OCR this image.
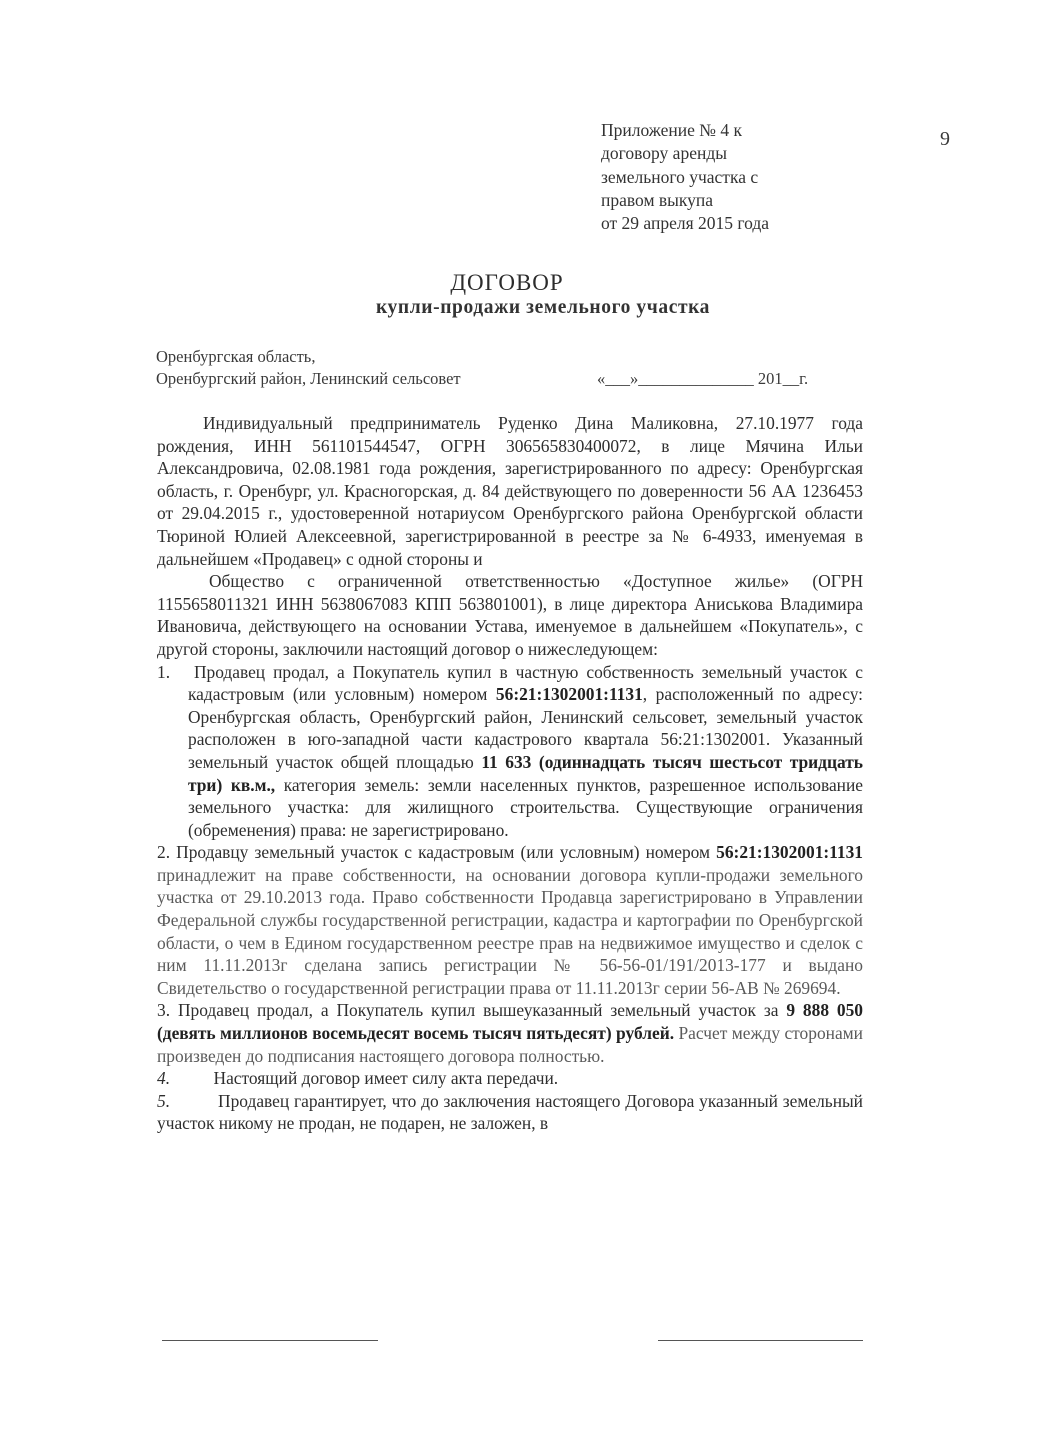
9
Приложение № 4 к
договору аренды
земельного участка с
правом выкупа
от 29 апреля 2015 года
ДОГОВОР
купли-продажи земельного участка
Оренбургская область,
Оренбургский район, Ленинский сельсовет	«___»______________ 201__г.

Индивидуальный предприниматель Руденко Дина Маликовна, 27.10.1977 года рождения, ИНН 561101544547, ОГРН 306565830400072, в лице Мячина Ильи Александровича, 02.08.1981 года рождения, зарегистрированного по адресу: Оренбургская область, г. Оренбург, ул. Красногорская, д. 84 действующего по доверенности 56 АА 1236453 от 29.04.2015 г., удостоверенной нотариусом Оренбургского района Оренбургской области Тюриной Юлией Алексеевной, зарегистрированной в реестре за № 6-4933, именуемая в дальнейшем «Продавец» с одной стороны и

Общество с ограниченной ответственностью «Доступное жилье» (ОГРН 1155658011321 ИНН 5638067083 КПП 563801001), в лице директора Аниськова Владимира Ивановича, действующего на основании Устава, именуемое в дальнейшем «Покупатель», с другой стороны, заключили настоящий договор о нижеследующем:

1. Продавец продал, а Покупатель купил в частную собственность земельный участок с кадастровым (или условным) номером 56:21:1302001:1131, расположенный по адресу: Оренбургская область, Оренбургский район, Ленинский сельсовет, земельный участок расположен в юго-западной части кадастрового квартала 56:21:1302001. Указанный земельный участок общей площадью 11 633 (одиннадцать тысяч шестьсот тридцать три) кв.м., категория земель: земли населенных пунктов, разрешенное использование земельного участка: для жилищного строительства. Существующие ограничения (обременения) права: не зарегистрировано.

2. Продавцу земельный участок с кадастровым (или условным) номером 56:21:1302001:1131 принадлежит на праве собственности, на основании договора купли-продажи земельного участка от 29.10.2013 года. Право собственности Продавца зарегистрировано в Управлении Федеральной службы государственной регистрации, кадастра и картографии по Оренбургской области, о чем в Едином государственном реестре прав на недвижимое имущество и сделок с ним 11.11.2013г сделана запись регистрации № 56-56-01/191/2013-177 и выдано Свидетельство о государственной регистрации права от 11.11.2013г серии 56-АВ № 269694.

3. Продавец продал, а Покупатель купил вышеуказанный земельный участок за 9 888 050 (девять миллионов восемьдесят восемь тысяч пятьдесят) рублей. Расчет между сторонами произведен до подписания настоящего договора полностью.

4. Настоящий договор имеет силу акта передачи.

5.	Продавец гарантирует, что до заключения настоящего Договора указанный земельный участок никому не продан, не подарен, не заложен, в
